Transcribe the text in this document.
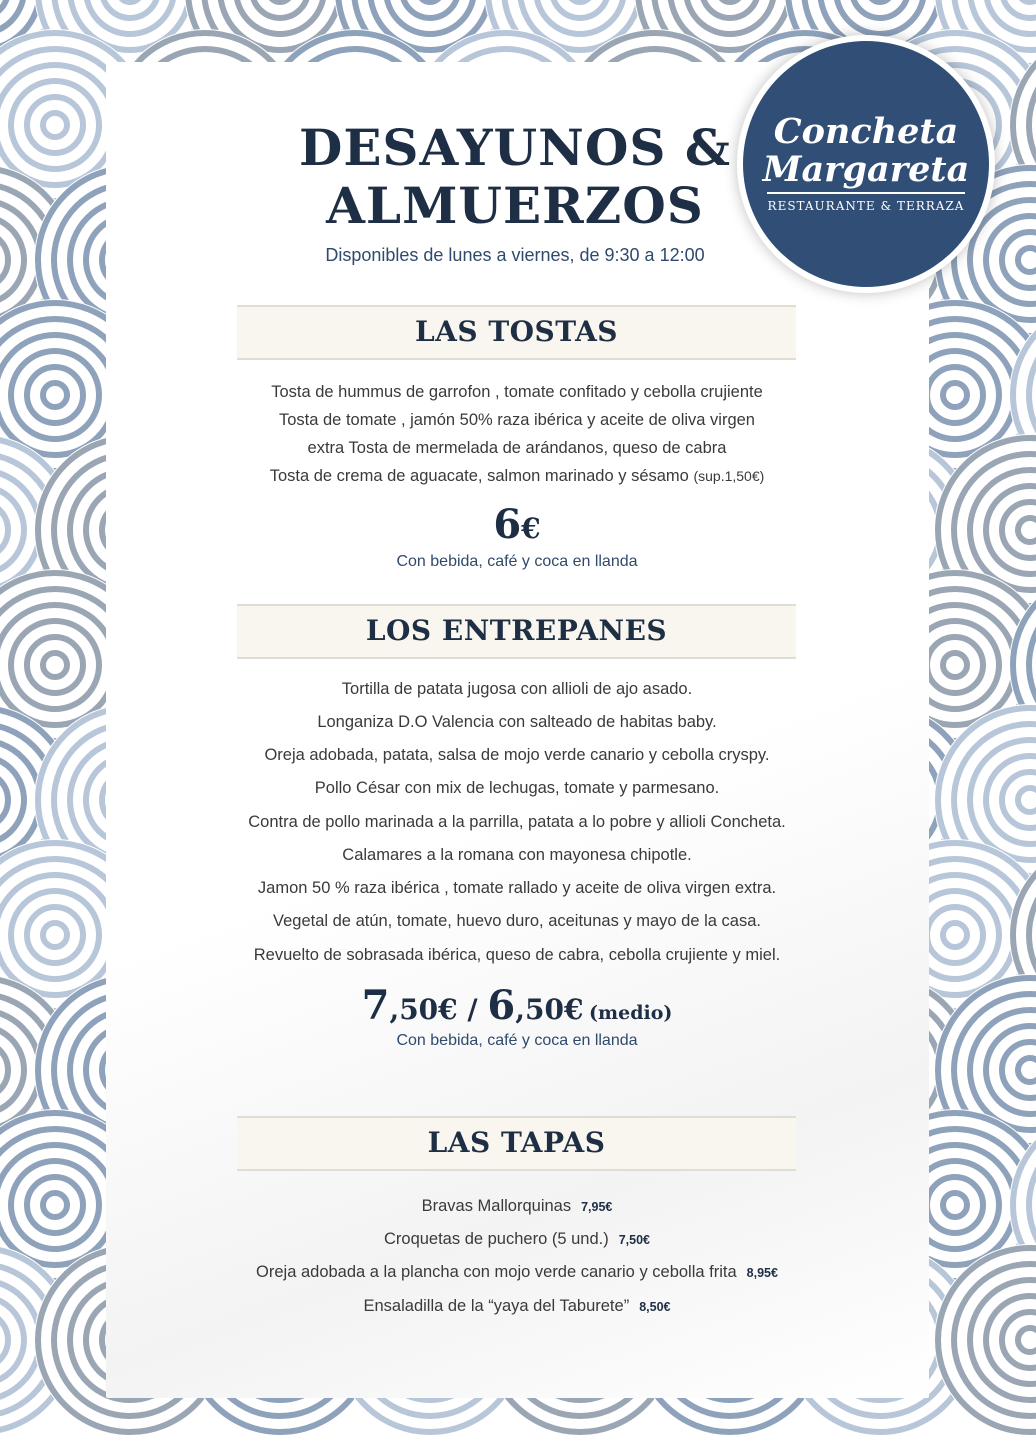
Concheta
Margareta
RESTAURANTE & TERRAZA
DESAYUNOS &
ALMUERZOS
Disponibles de lunes a viernes, de 9:30 a 12:00
LAS TOSTAS
Tosta de hummus de garrofon , tomate confitado y cebolla crujiente
Tosta de tomate , jamón 50% raza ibérica y aceite de oliva virgen
extra Tosta de mermelada de arándanos, queso de cabra
Tosta de crema de aguacate, salmon marinado y sésamo (sup.1,50€)
6€
Con bebida, café y coca en llanda
LOS ENTREPANES
Tortilla de patata jugosa con allioli de ajo asado.
Longaniza D.O Valencia con salteado de habitas baby.
Oreja adobada, patata, salsa de mojo verde canario y cebolla cryspy.
Pollo César con mix de lechugas, tomate y parmesano.
Contra de pollo marinada a la parrilla, patata a lo pobre y allioli Concheta.
Calamares a la romana con mayonesa chipotle.
Jamon 50 % raza ibérica , tomate rallado y aceite de oliva virgen extra.
Vegetal de atún, tomate, huevo duro, aceitunas y mayo de la casa.
Revuelto de sobrasada ibérica, queso de cabra, cebolla crujiente y miel.
7,50€ / 6,50€ (medio)
Con bebida, café y coca en llanda
LAS TAPAS
Bravas Mallorquinas 7,95€
Croquetas de puchero (5 und.) 7,50€
Oreja adobada a la plancha con mojo verde canario y cebolla frita 8,95€
Ensaladilla de la “yaya del Taburete” 8,50€
